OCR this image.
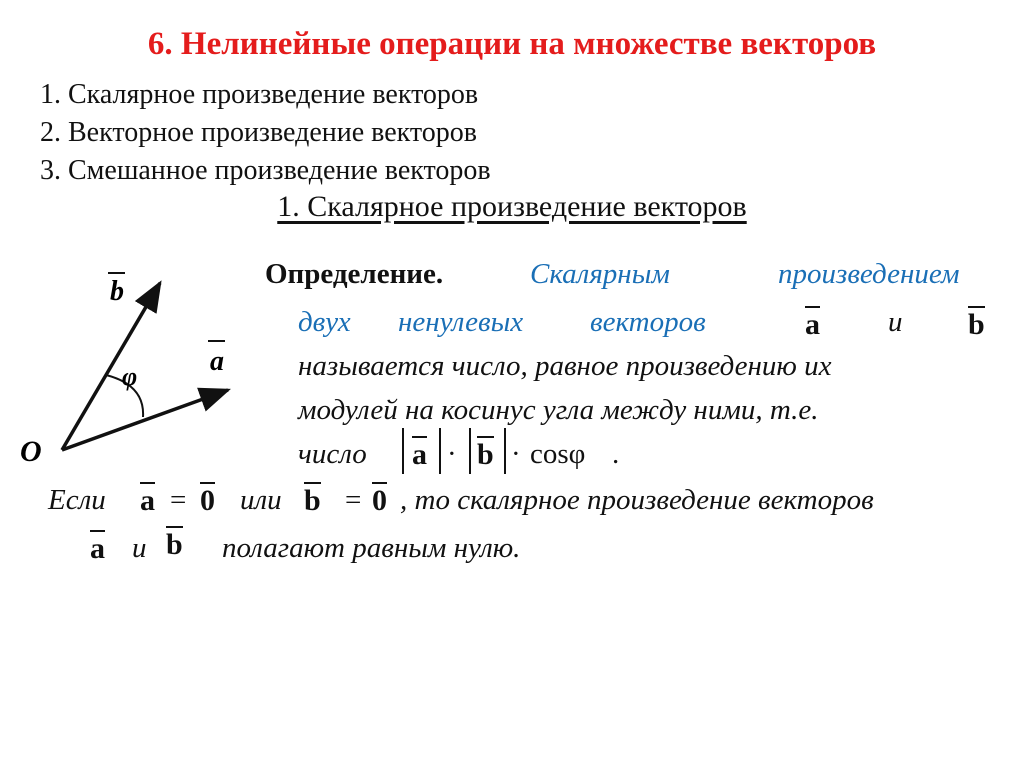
6. Нелинейные операции на множестве векторов
1. Скалярное произведение векторов
2. Векторное произведение векторов
3. Смешанное произведение векторов
1. Скалярное произведение векторов
O
φ
b
a
Определение.	Скалярным	произведением
двух ненулевых векторов	a и b
называется число, равное произведению их
модулей на косинус угла между ними, т.е.
число a · b · cosφ .
Если a = 0 или b = 0 , то скалярное произведение векторов
a и b полагают равным нулю.
